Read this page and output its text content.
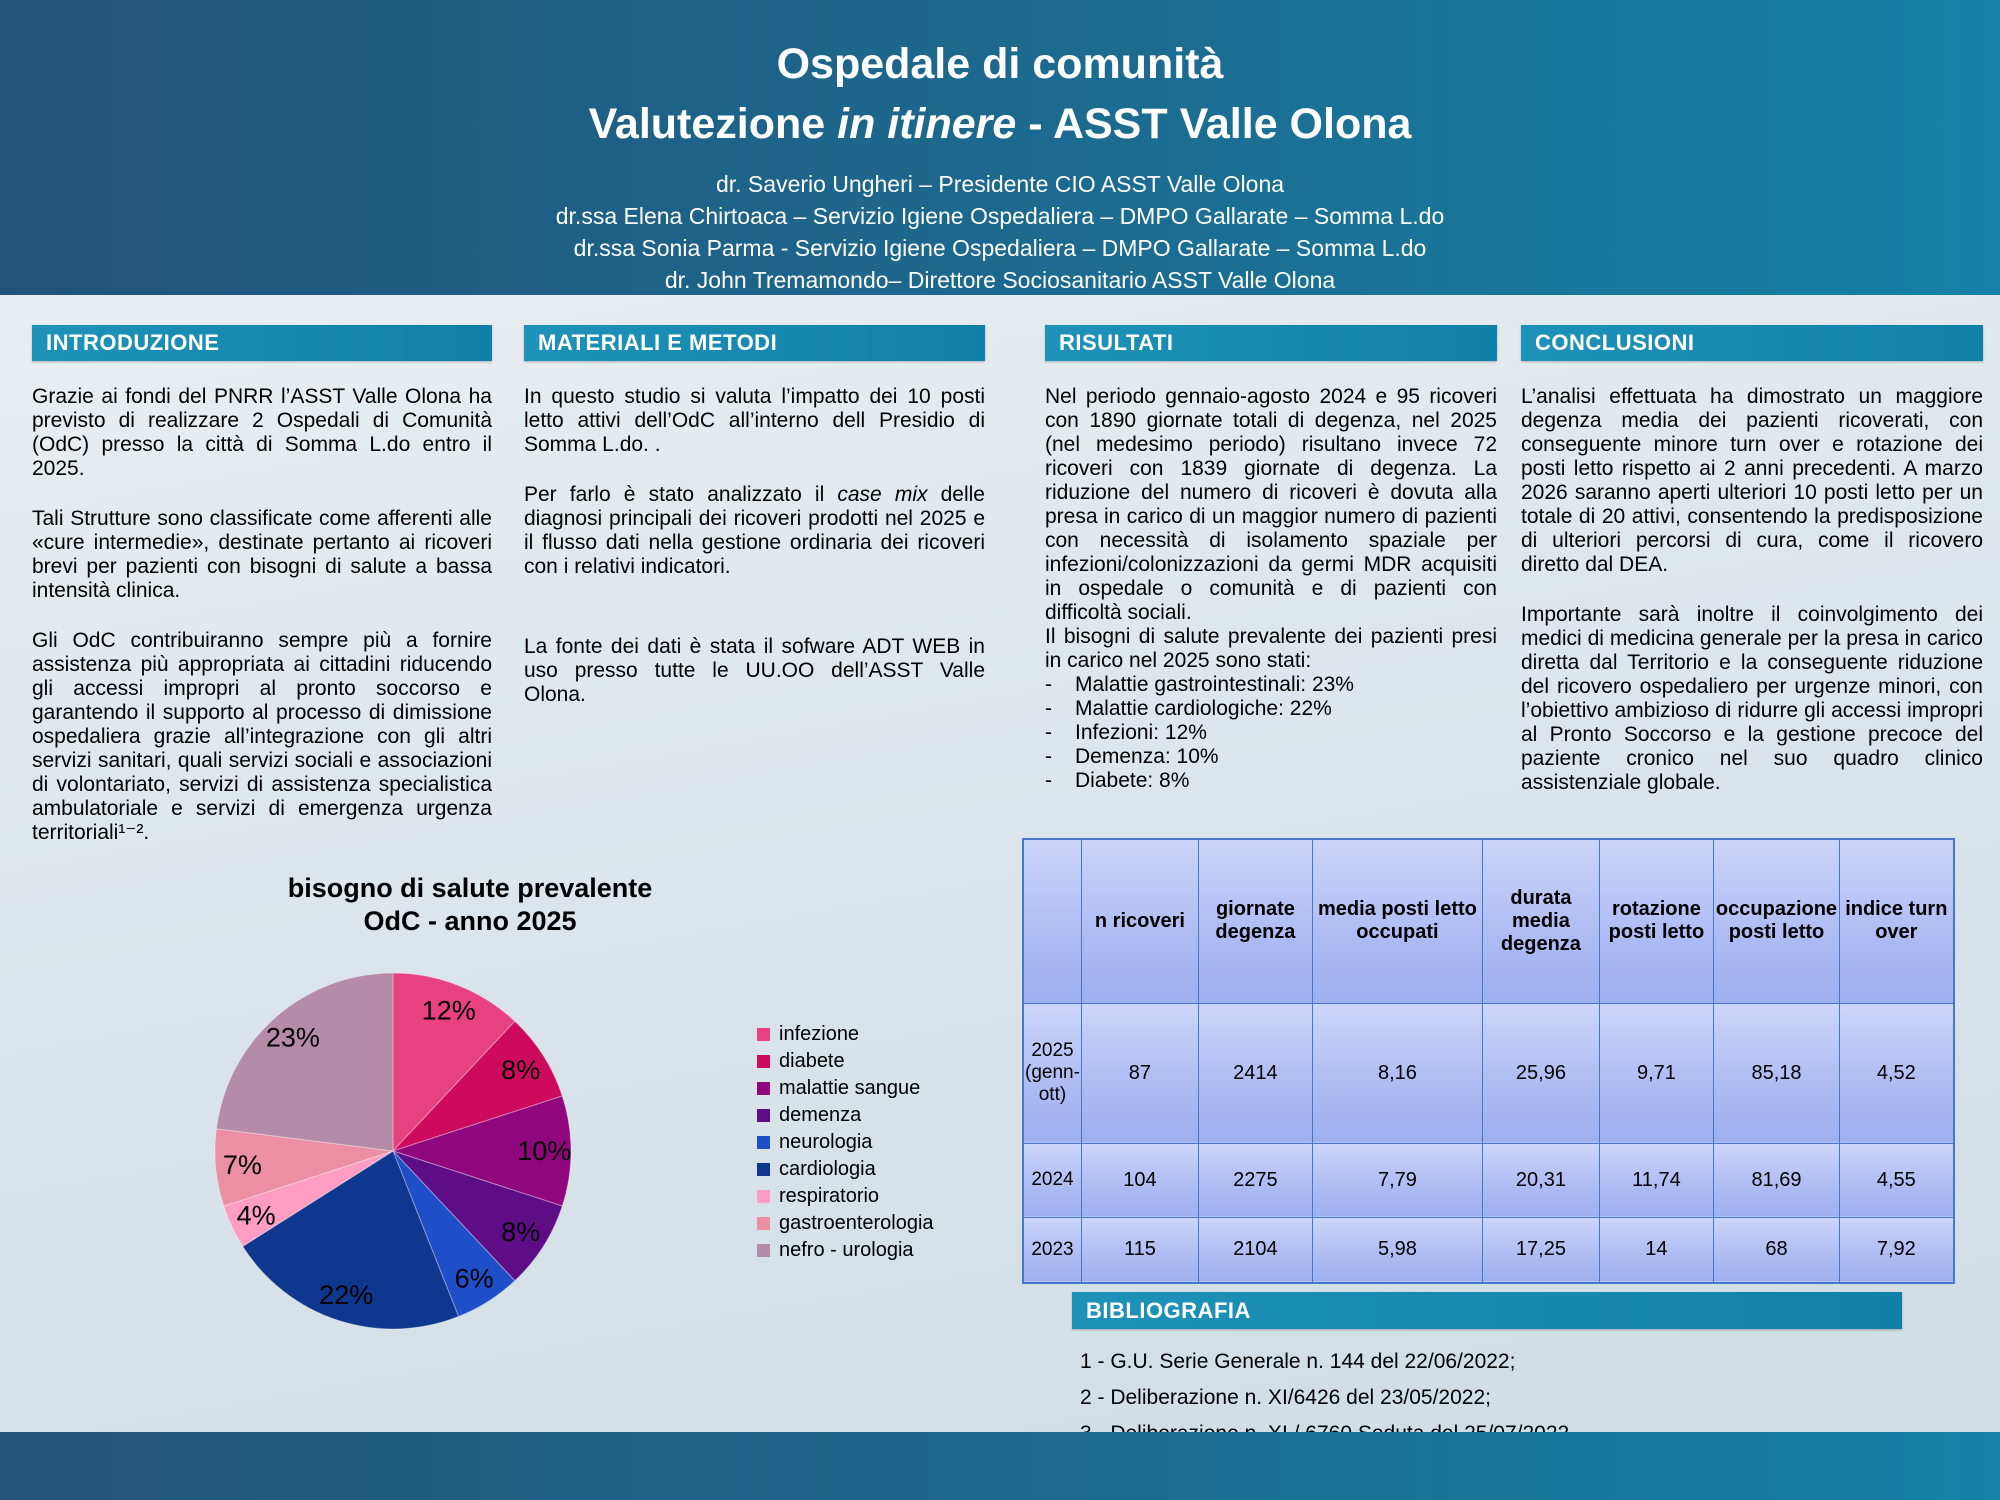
Ospedale di comunità
Valutezione in itinere - ASST Valle Olona
dr. Saverio Ungheri – Presidente CIO ASST Valle Olona
dr.ssa Elena Chirtoaca – Servizio Igiene Ospedaliera – DMPO Gallarate – Somma L.do
dr.ssa Sonia Parma - Servizio Igiene Ospedaliera – DMPO Gallarate – Somma L.do
dr. John Tremamondo– Direttore Sociosanitario ASST Valle Olona
INTRODUZIONE

Grazie ai fondi del PNRR l’ASST Valle Olona ha previsto di realizzare 2 Ospedali di Comunità (OdC) presso la città di Somma L.do entro il 2025.

Tali Strutture sono classificate come afferenti alle «cure intermedie», destinate pertanto ai ricoveri brevi per pazienti con bisogni di salute a bassa intensità clinica.

Gli OdC contribuiranno sempre più a fornire assistenza più appropriata ai cittadini riducendo gli accessi impropri al pronto soccorso e garantendo il supporto al processo di dimissione ospedaliera grazie all’integrazione con gli altri servizi sanitari, quali servizi sociali e associazioni di volontariato, servizi di assistenza specialistica ambulatoriale e servizi di emergenza urgenza territoriali¹⁻².

MATERIALI E METODI

In questo studio si valuta l’impatto dei 10 posti letto attivi dell’OdC all’interno dell Presidio di Somma L.do. .

Per farlo è stato analizzato il case mix delle diagnosi principali dei ricoveri prodotti nel 2025 e il flusso dati nella gestione ordinaria dei ricoveri con i relativi indicatori.

La fonte dei dati è stata il sofware ADT WEB in uso presso tutte le UU.OO dell’ASST Valle Olona.

RISULTATI

Nel periodo gennaio-agosto 2024 e 95 ricoveri con 1890 giornate totali di degenza, nel 2025 (nel medesimo periodo) risultano invece 72 ricoveri con 1839 giornate di degenza. La riduzione del numero di ricoveri è dovuta alla presa in carico di un maggior numero di pazienti con necessità di isolamento spaziale per infezioni/colonizzazioni da germi MDR acquisiti in ospedale o comunità e di pazienti con difficoltà sociali.

Il bisogni di salute prevalente dei pazienti presi in carico nel 2025 sono stati:

-	Malattie gastrointestinali: 23%
-	Malattie cardiologiche: 22%
-	Infezioni: 12%
-	Demenza: 10%
-	Diabete: 8%
CONCLUSIONI

L’analisi effettuata ha dimostrato un maggiore degenza media dei pazienti ricoverati, con conseguente minore turn over e rotazione dei posti letto rispetto ai 2 anni precedenti. A marzo 2026 saranno aperti ulteriori 10 posti letto per un totale di 20 attivi, consentendo la predisposizione di ulteriori percorsi di cura, come il ricovero diretto dal DEA.

Importante sarà inoltre il coinvolgimento dei medici di medicina generale per la presa in carico diretta dal Territorio e la conseguente riduzione del ricovero ospedaliero per urgenze minori, con l’obiettivo ambizioso di ridurre gli accessi impropri al Pronto Soccorso e la gestione precoce del paziente cronico nel suo quadro clinico assistenziale globale.

bisogno di salute prevalente
OdC - anno 2025
12%
8%
10%
8%
6%
22%
4%
7%
23%	infezione
diabete
malattie sangue
demenza
neurologia
cardiologia
respiratorio
gastroenterologia
nefro - urologia
	n ricoveri	giornate degenza	media posti letto occupati	durata media degenza	rotazione posti letto	occupazione posti letto	indice turn over
2025 (genn-ott)	87	2414	8,16	25,96	9,71	85,18	4,52
2024	104	2275	7,79	20,31	11,74	81,69	4,55
2023	115	2104	5,98	17,25	14	68	7,92
BIBLIOGRAFIA
1 - G.U. Serie Generale n. 144 del 22/06/2022;
2 - Deliberazione n. XI/6426 del 23/05/2022;
